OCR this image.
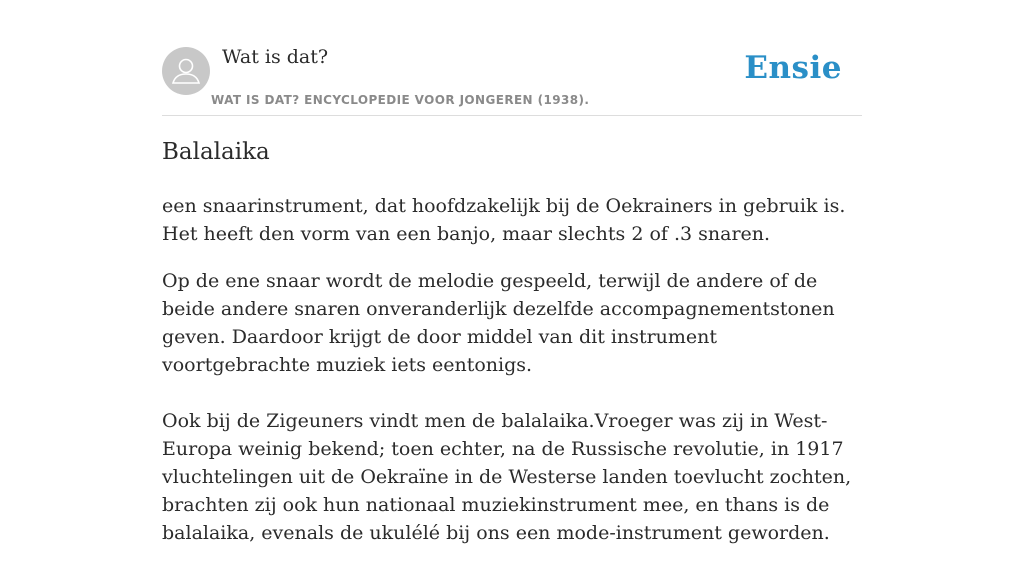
Wat is dat?
WAT IS DAT? ENCYCLOPEDIE VOOR JONGEREN (1938).
Ensie
Balalaika

een snaarinstrument, dat hoofdzakelijk bij de Oekrainers in gebruik is. Het heeft den vorm van een banjo, maar slechts 2 of .3 snaren.

Op de ene snaar wordt de melodie gespeeld, terwijl de andere of de beide andere snaren onveranderlijk dezelfde accompagnementstonen geven. Daardoor krijgt de door middel van dit instrument voortgebrachte muziek iets eentonigs.

Ook bij de Zigeuners vindt men de balalaika.Vroeger was zij in West-Europa weinig bekend; toen echter, na de Russische revolutie, in 1917 vluchtelingen uit de Oekraïne in de Westerse landen toevlucht zochten, brachten zij ook hun nationaal muziekinstrument mee, en thans is de balalaika, evenals de ukulélé bij ons een mode-instrument geworden.
